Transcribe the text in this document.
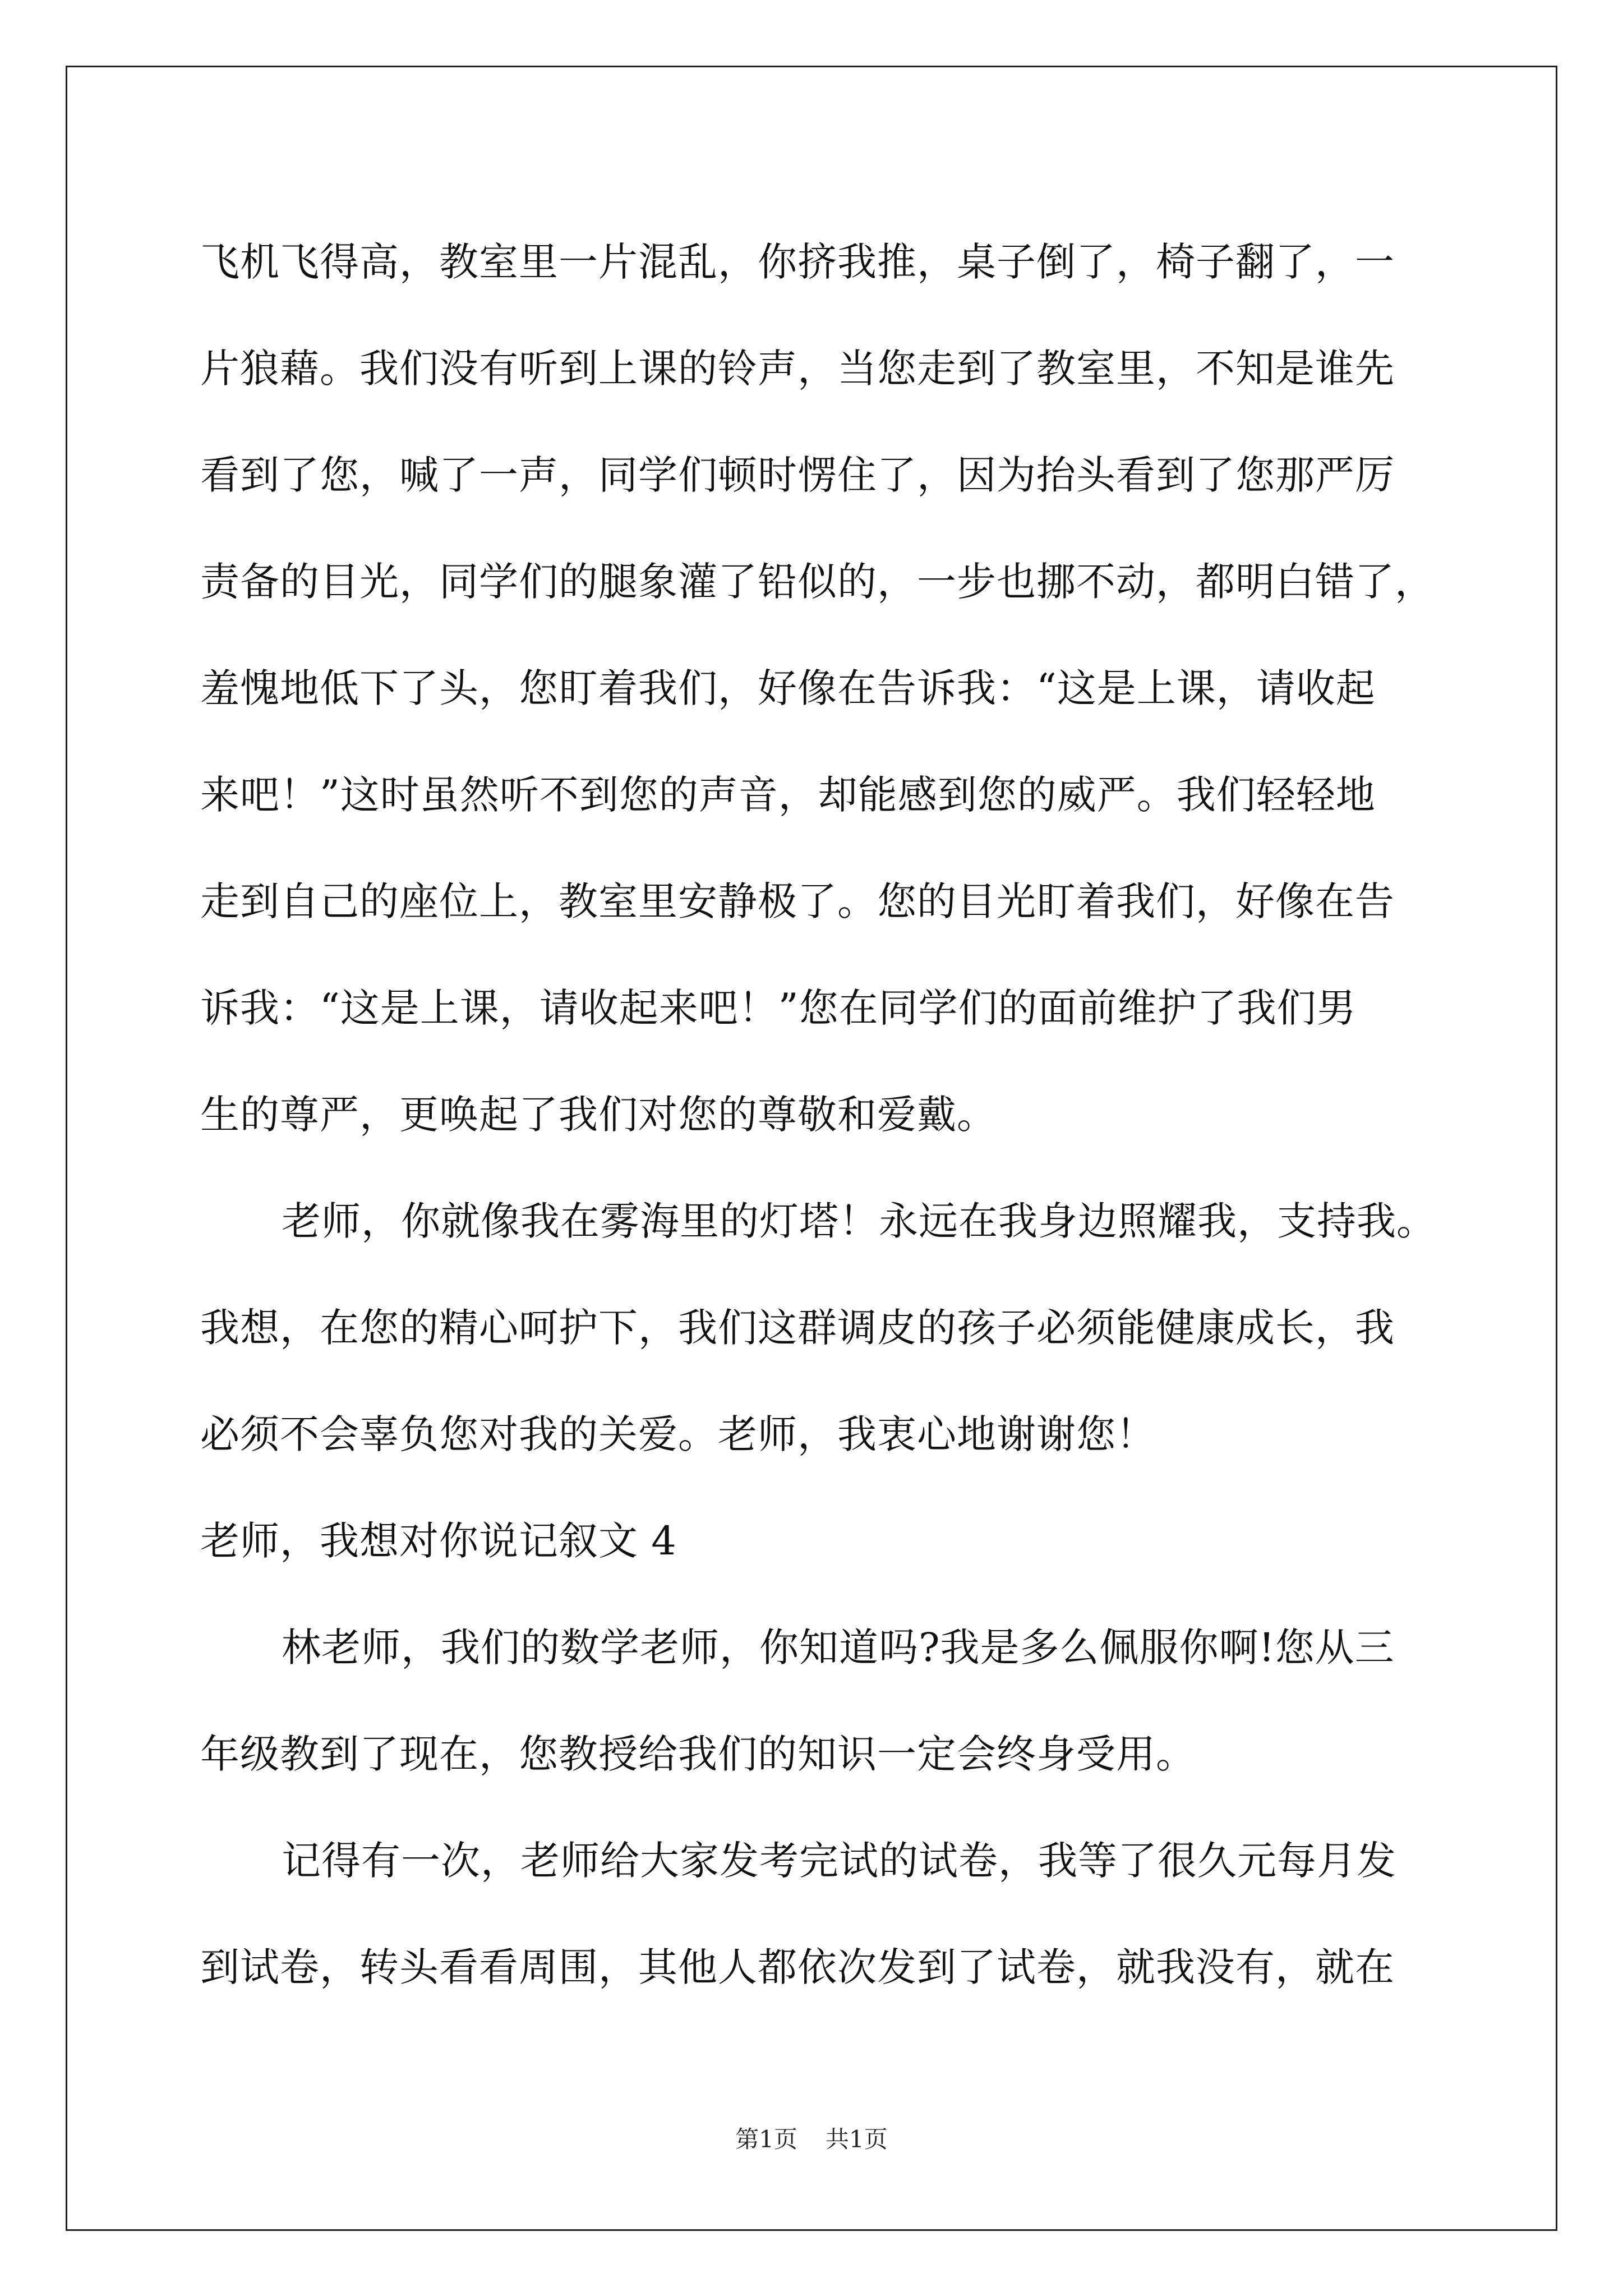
飞机飞得高，教室里一片混乱，你挤我推，桌子倒了，椅子翻了，一
片狼藉。我们没有听到上课的铃声，当您走到了教室里，不知是谁先
看到了您，喊了一声，同学们顿时愣住了，因为抬头看到了您那严厉
责备的目光，同学们的腿象灌了铅似的，一步也挪不动，都明白错了，
羞愧地低下了头，您盯着我们，好像在告诉我：“这是上课，请收起
来吧！”这时虽然听不到您的声音，却能感到您的威严。我们轻轻地
走到自己的座位上，教室里安静极了。您的目光盯着我们，好像在告
诉我：“这是上课，请收起来吧！”您在同学们的面前维护了我们男
生的尊严，更唤起了我们对您的尊敬和爱戴。
老师，你就像我在雾海里的灯塔！永远在我身边照耀我，支持我。
我想，在您的精心呵护下，我们这群调皮的孩子必须能健康成长，我
必须不会辜负您对我的关爱。老师，我衷心地谢谢您！
老师，我想对你说记叙文 4
林老师，我们的数学老师，你知道吗?我是多么佩服你啊!您从三
年级教到了现在，您教授给我们的知识一定会终身受用。
记得有一次，老师给大家发考完试的试卷，我等了很久元每月发
到试卷，转头看看周围，其他人都依次发到了试卷，就我没有，就在
第1页 共1页
